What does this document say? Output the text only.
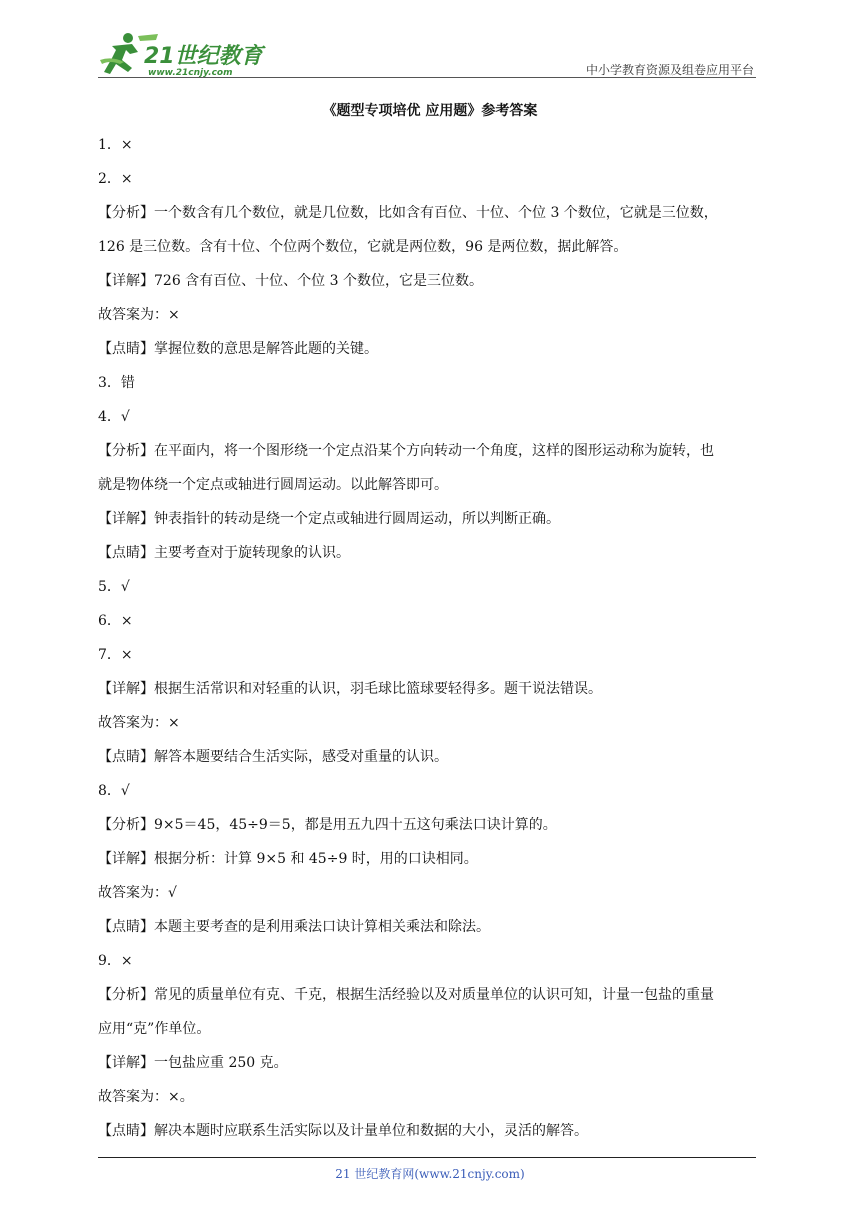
21世纪教育
www.21cnjy.com	中小学教育资源及组卷应用平台
《题型专项培优 应用题》参考答案
1．×
2．×
【分析】一个数含有几个数位，就是几位数，比如含有百位、十位、个位 3 个数位，它就是三位数，
126 是三位数。含有十位、个位两个数位，它就是两位数，96 是两位数，据此解答。
【详解】726 含有百位、十位、个位 3 个数位，它是三位数。
故答案为：×
【点睛】掌握位数的意思是解答此题的关键。
3．错
4．√
【分析】在平面内，将一个图形绕一个定点沿某个方向转动一个角度，这样的图形运动称为旋转，也
就是物体绕一个定点或轴进行圆周运动。以此解答即可。
【详解】钟表指针的转动是绕一个定点或轴进行圆周运动，所以判断正确。
【点睛】主要考查对于旋转现象的认识。
5．√
6．×
7．×
【详解】根据生活常识和对轻重的认识，羽毛球比篮球要轻得多。题干说法错误。
故答案为：×
【点睛】解答本题要结合生活实际，感受对重量的认识。
8．√
【分析】9×5＝45，45÷9＝5，都是用五九四十五这句乘法口诀计算的。
【详解】根据分析：计算 9×5 和 45÷9 时，用的口诀相同。
故答案为：√
【点睛】本题主要考查的是利用乘法口诀计算相关乘法和除法。
9．×
【分析】常见的质量单位有克、千克，根据生活经验以及对质量单位的认识可知，计量一包盐的重量
应用“克”作单位。
【详解】一包盐应重 250 克。
故答案为：×。
【点睛】解决本题时应联系生活实际以及计量单位和数据的大小，灵活的解答。
21 世纪教育网(www.21cnjy.com)
